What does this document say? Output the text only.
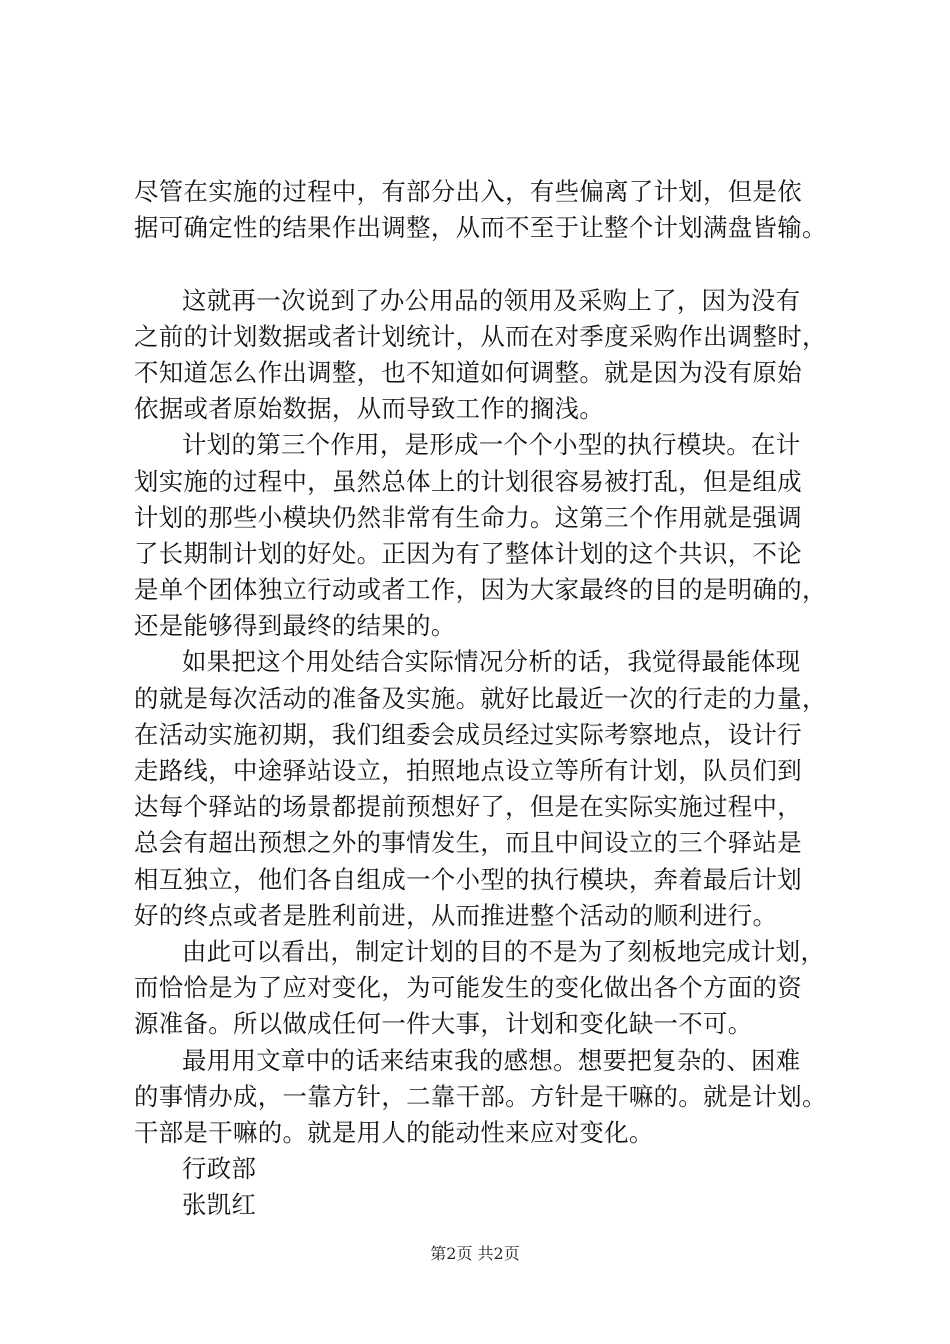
尽管在实施的过程中，有部分出入，有些偏离了计划，但是依
据可确定性的结果作出调整，从而不至于让整个计划满盘皆输。
这就再一次说到了办公用品的领用及采购上了，因为没有
之前的计划数据或者计划统计，从而在对季度采购作出调整时，
不知道怎么作出调整，也不知道如何调整。就是因为没有原始
依据或者原始数据，从而导致工作的搁浅。
计划的第三个作用，是形成一个个小型的执行模块。在计
划实施的过程中，虽然总体上的计划很容易被打乱，但是组成
计划的那些小模块仍然非常有生命力。这第三个作用就是强调
了长期制计划的好处。正因为有了整体计划的这个共识，不论
是单个团体独立行动或者工作，因为大家最终的目的是明确的，
还是能够得到最终的结果的。
如果把这个用处结合实际情况分析的话，我觉得最能体现
的就是每次活动的准备及实施。就好比最近一次的行走的力量，
在活动实施初期，我们组委会成员经过实际考察地点，设计行
走路线，中途驿站设立，拍照地点设立等所有计划，队员们到
达每个驿站的场景都提前预想好了，但是在实际实施过程中，
总会有超出预想之外的事情发生，而且中间设立的三个驿站是
相互独立，他们各自组成一个小型的执行模块，奔着最后计划
好的终点或者是胜利前进，从而推进整个活动的顺利进行。
由此可以看出，制定计划的目的不是为了刻板地完成计划，
而恰恰是为了应对变化，为可能发生的变化做出各个方面的资
源准备。所以做成任何一件大事，计划和变化缺一不可。
最用用文章中的话来结束我的感想。想要把复杂的、困难
的事情办成，一靠方针，二靠干部。方针是干嘛的。就是计划。
干部是干嘛的。就是用人的能动性来应对变化。
行政部
张凯红
第2页 共2页
